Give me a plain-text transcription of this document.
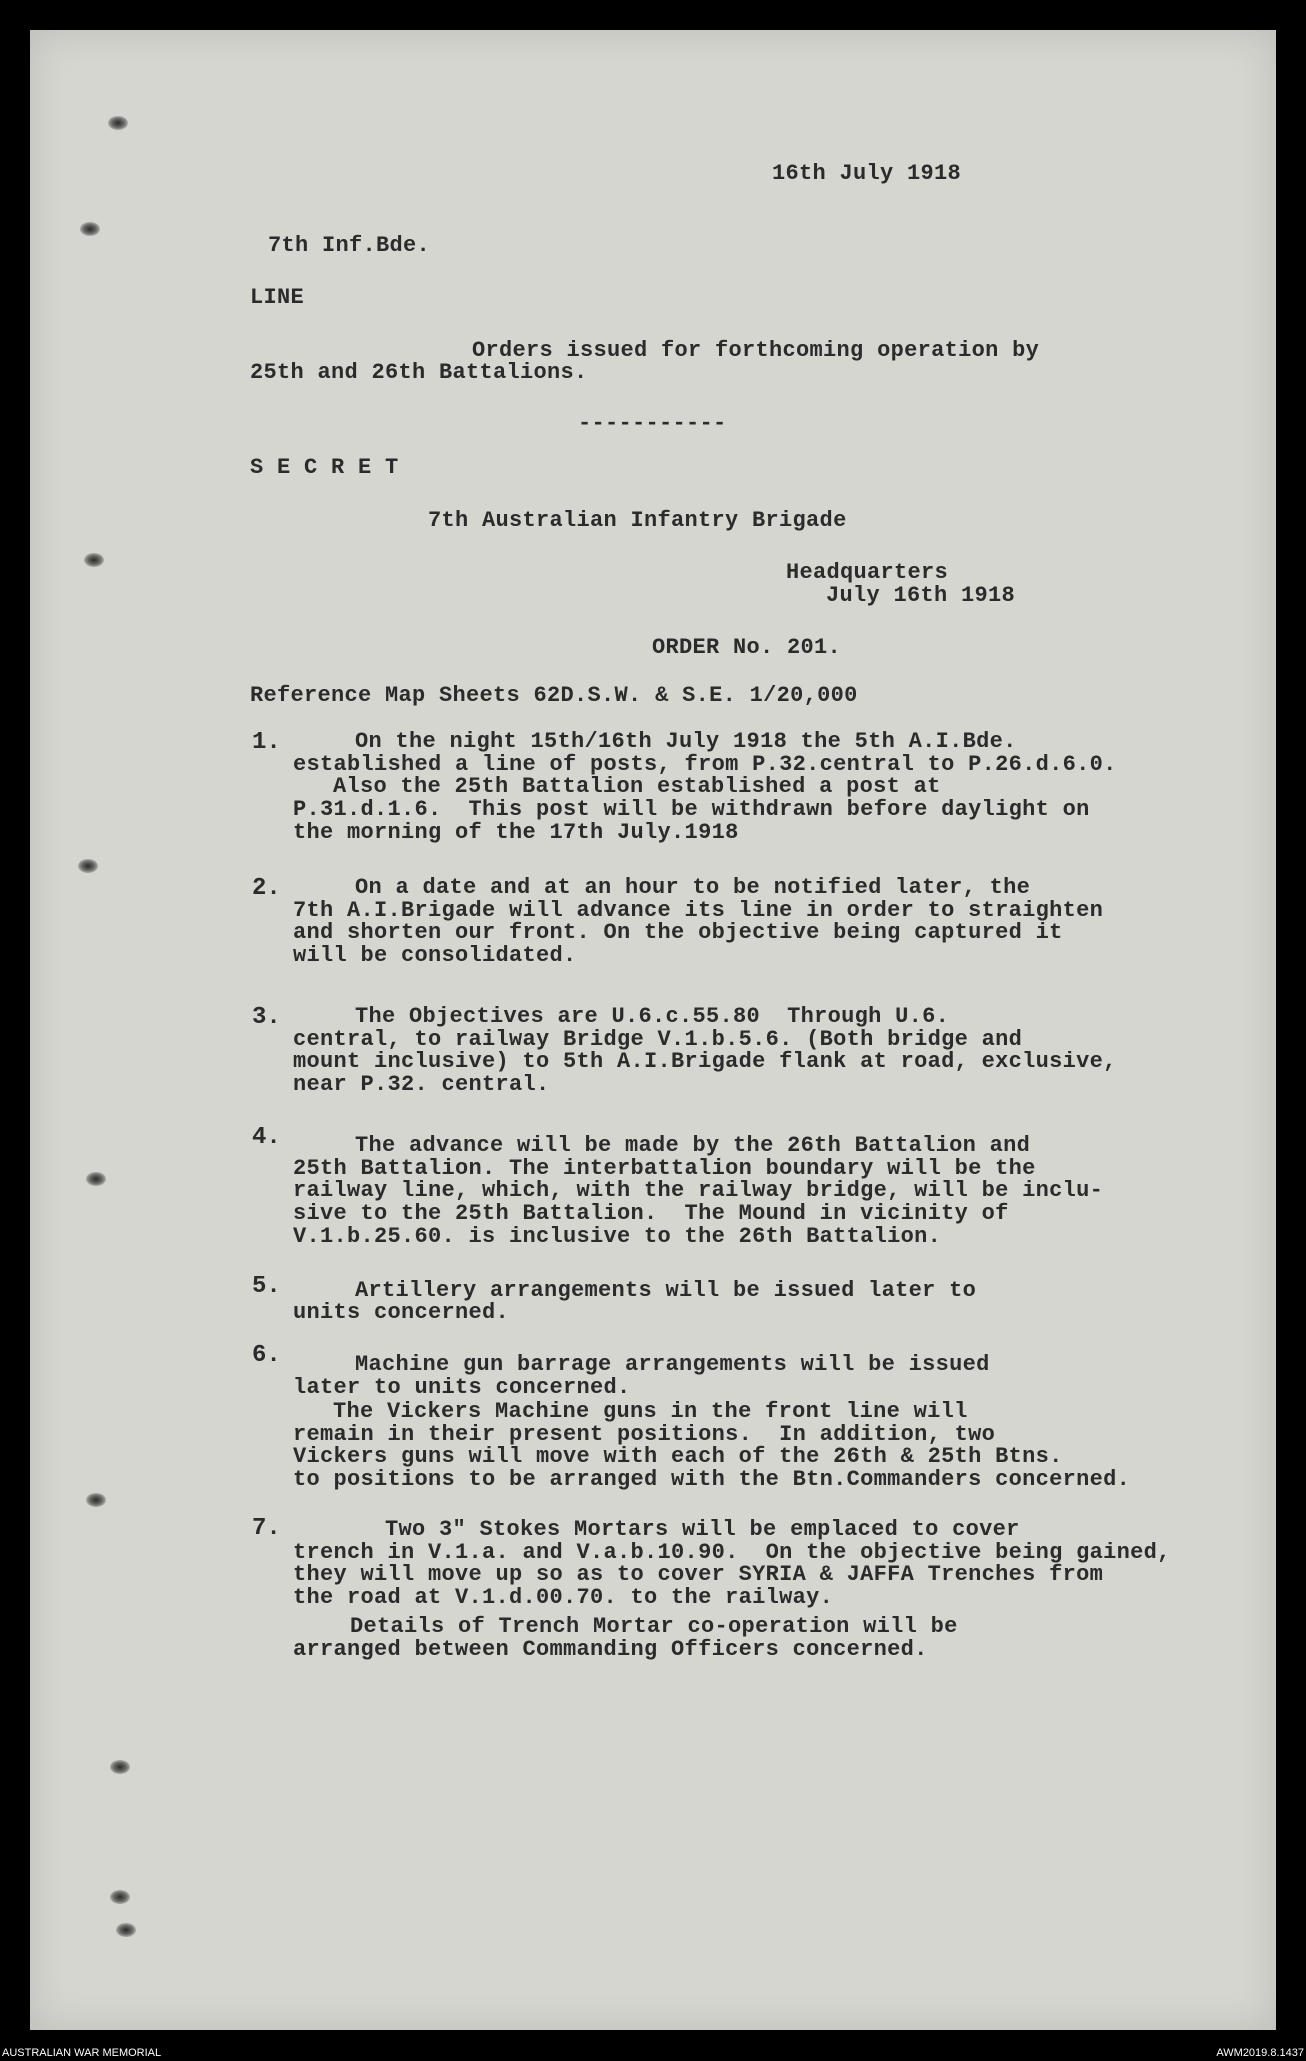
16th July 1918
7th Inf.Bde.
LINE
Orders issued for forthcoming operation by
25th and 26th Battalions.
-----------
S E C R E T
7th Australian Infantry Brigade
Headquarters
July 16th 1918
ORDER No. 201.
Reference Map Sheets 62D.S.W. & S.E. 1/20,000
1.	On the night 15th/16th July 1918 the 5th A.I.Bde.
established a line of posts, from P.32.central to P.26.d.6.0.
Also the 25th Battalion established a post at
P.31.d.1.6.  This post will be withdrawn before daylight on
the morning of the 17th July.1918
2.	On a date and at an hour to be notified later, the
7th A.I.Brigade will advance its line in order to straighten
and shorten our front. On the objective being captured it
will be consolidated.
3.	The Objectives are U.6.c.55.80  Through U.6.
central, to railway Bridge V.1.b.5.6. (Both bridge and
mount inclusive) to 5th A.I.Brigade flank at road, exclusive,
near P.32. central.
4.	The advance will be made by the 26th Battalion and
25th Battalion. The interbattalion boundary will be the
railway line, which, with the railway bridge, will be inclu-
sive to the 25th Battalion.  The Mound in vicinity of
V.1.b.25.60. is inclusive to the 26th Battalion.
5.	Artillery arrangements will be issued later to
units concerned.
6.	Machine gun barrage arrangements will be issued
later to units concerned.
The Vickers Machine guns in the front line will
remain in their present positions.  In addition, two
Vickers guns will move with each of the 26th & 25th Btns.
to positions to be arranged with the Btn.Commanders concerned.
7.	Two 3" Stokes Mortars will be emplaced to cover
trench in V.1.a. and V.a.b.10.90.  On the objective being gained,
they will move up so as to cover SYRIA & JAFFA Trenches from
the road at V.1.d.00.70. to the railway.
Details of Trench Mortar co-operation will be
arranged between Commanding Officers concerned.
AUSTRALIAN WAR MEMORIAL	AWM2019.8.1437
